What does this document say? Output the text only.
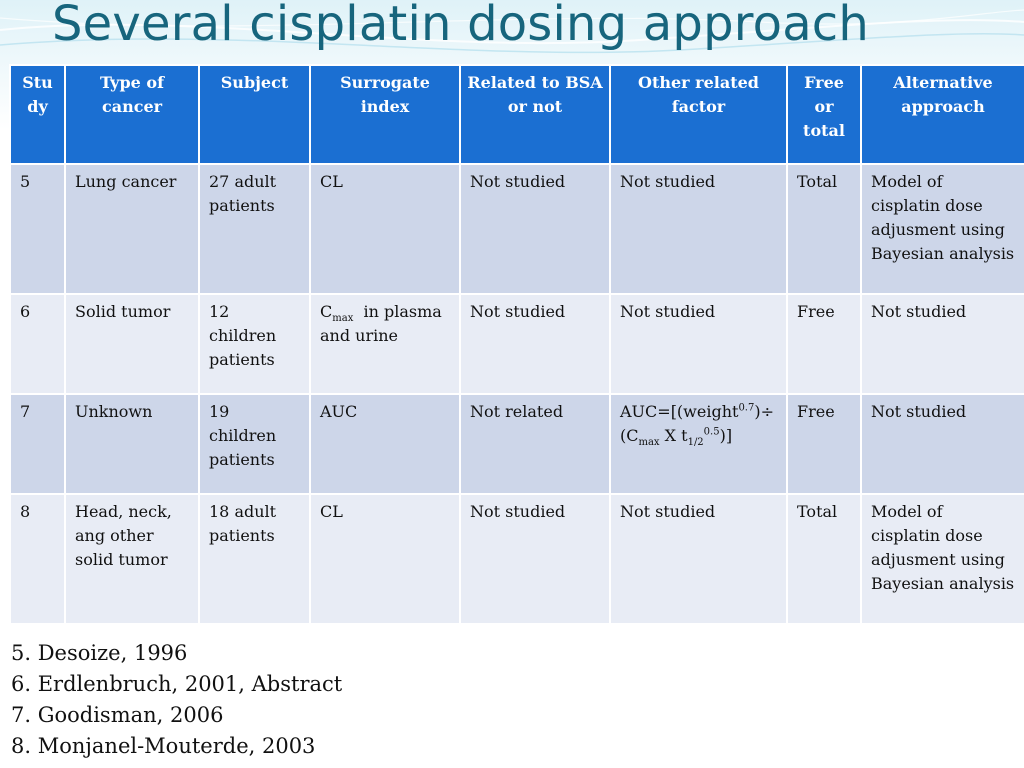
Several cisplatin dosing approach
Stu dy	Type of cancer	Subject	Surrogate index	Related to BSA or not	Other related factor	Free or total	Alternative approach
5	Lung cancer	27 adult patients	CL	Not studied	Not studied	Total	Model of cisplatin dose adjusment using Bayesian analysis
6	Solid tumor	12 children patients	$C_{max}$  in plasma and urine	Not studied	Not studied	Free	Not studied
7	Unknown	19 children patients	AUC	Not related	AUC=[(weight$^{0.7}$)÷ ($C_{max}$ X $t_{1/2}^{0.5}$)]	Free	Not studied
8	Head, neck, ang other solid tumor	18 adult patients	CL	Not studied	Not studied	Total	Model of cisplatin dose adjusment using Bayesian analysis
5. Desoize, 1996
6. Erdlenbruch, 2001, Abstract
7. Goodisman, 2006
8. Monjanel-Mouterde, 2003
